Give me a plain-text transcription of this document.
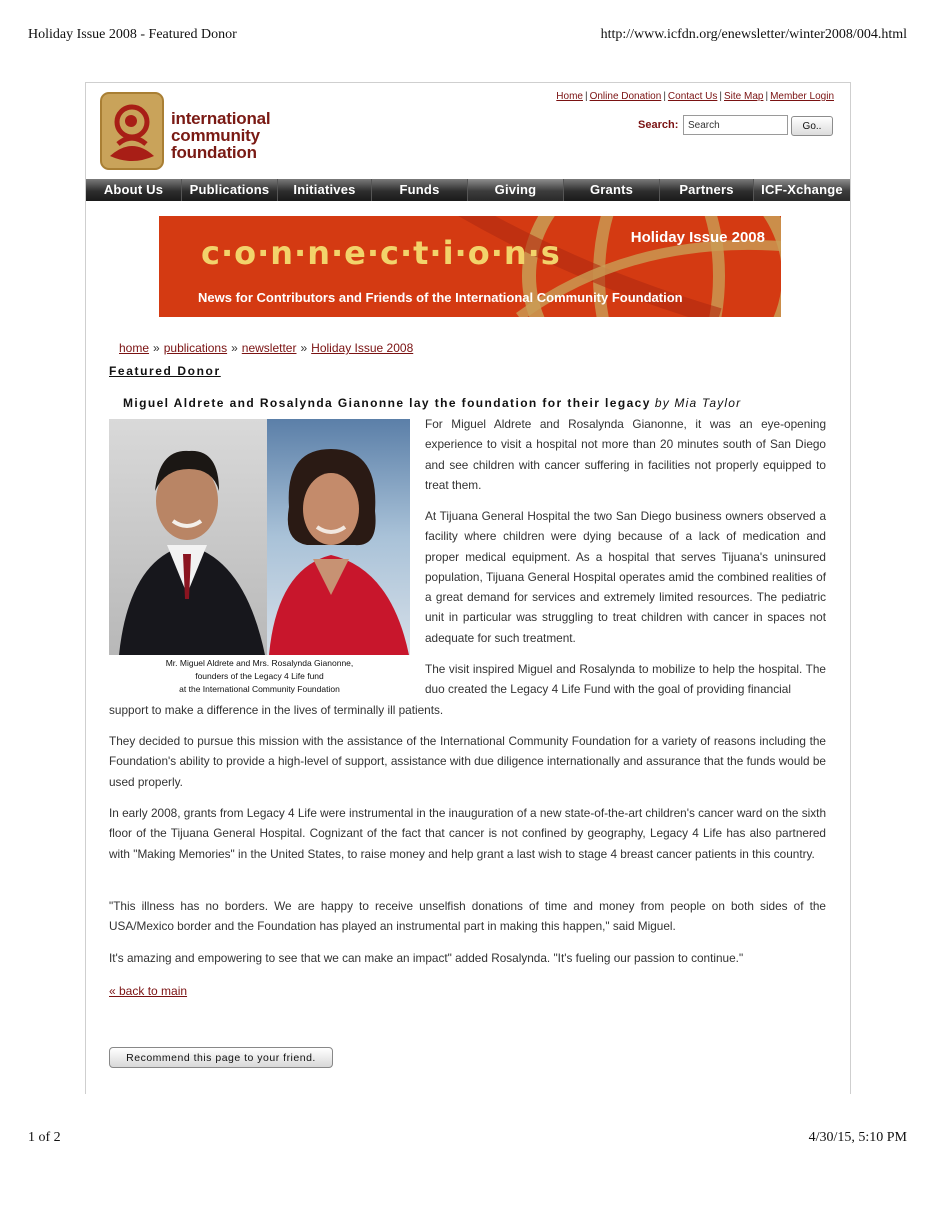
Holiday Issue 2008 - Featured Donor	http://www.icfdn.org/enewsletter/winter2008/004.html
international
community
foundation
Home | Online Donation | Contact Us | Site Map | Member Login
Search:
Search	Go..
About Us	Publications	Initiatives	Funds	Giving	Grants	Partners	ICF-Xchange
c·o·n·n·e·c·t·i·o·n·s	Holiday Issue 2008
News for Contributors and Friends of the International Community Foundation
home » publications » newsletter » Holiday Issue 2008
Featured Donor
Miguel Aldrete and Rosalynda Gianonne lay the foundation for their legacy by Mia Taylor
Mr. Miguel Aldrete and Mrs. Rosalynda Gianonne,
founders of the Legacy 4 Life fund
at the International Community Foundation

For Miguel Aldrete and Rosalynda Gianonne, it was an eye-opening experience to visit a hospital not more than 20 minutes south of San Diego and see children with cancer suffering in facilities not properly equipped to treat them.

At Tijuana General Hospital the two San Diego business owners observed a facility where children were dying because of a lack of medication and proper medical equipment. As a hospital that serves Tijuana's uninsured population, Tijuana General Hospital operates amid the combined realities of a great demand for services and extremely limited resources. The pediatric unit in particular was struggling to treat children with cancer in spaces not adequate for such treatment.

The visit inspired Miguel and Rosalynda to mobilize to help the hospital. The duo created the Legacy 4 Life Fund with the goal of providing financial

support to make a difference in the lives of terminally ill patients.

They decided to pursue this mission with the assistance of the International Community Foundation for a variety of reasons including the Foundation's ability to provide a high-level of support, assistance with due diligence internationally and assurance that the funds would be used properly.

In early 2008, grants from Legacy 4 Life were instrumental in the inauguration of a new state-of-the-art children's cancer ward on the sixth floor of the Tijuana General Hospital. Cognizant of the fact that cancer is not confined by geography, Legacy 4 Life has also partnered with "Making Memories" in the United States, to raise money and help grant a last wish to stage 4 breast cancer patients in this country.

"This illness has no borders. We are happy to receive unselfish donations of time and money from people on both sides of the USA/Mexico border and the Foundation has played an instrumental part in making this happen," said Miguel.

It's amazing and empowering to see that we can make an impact" added Rosalynda. "It's fueling our passion to continue."

« back to main
Recommend this page to your friend.
1 of 2	4/30/15, 5:10 PM
